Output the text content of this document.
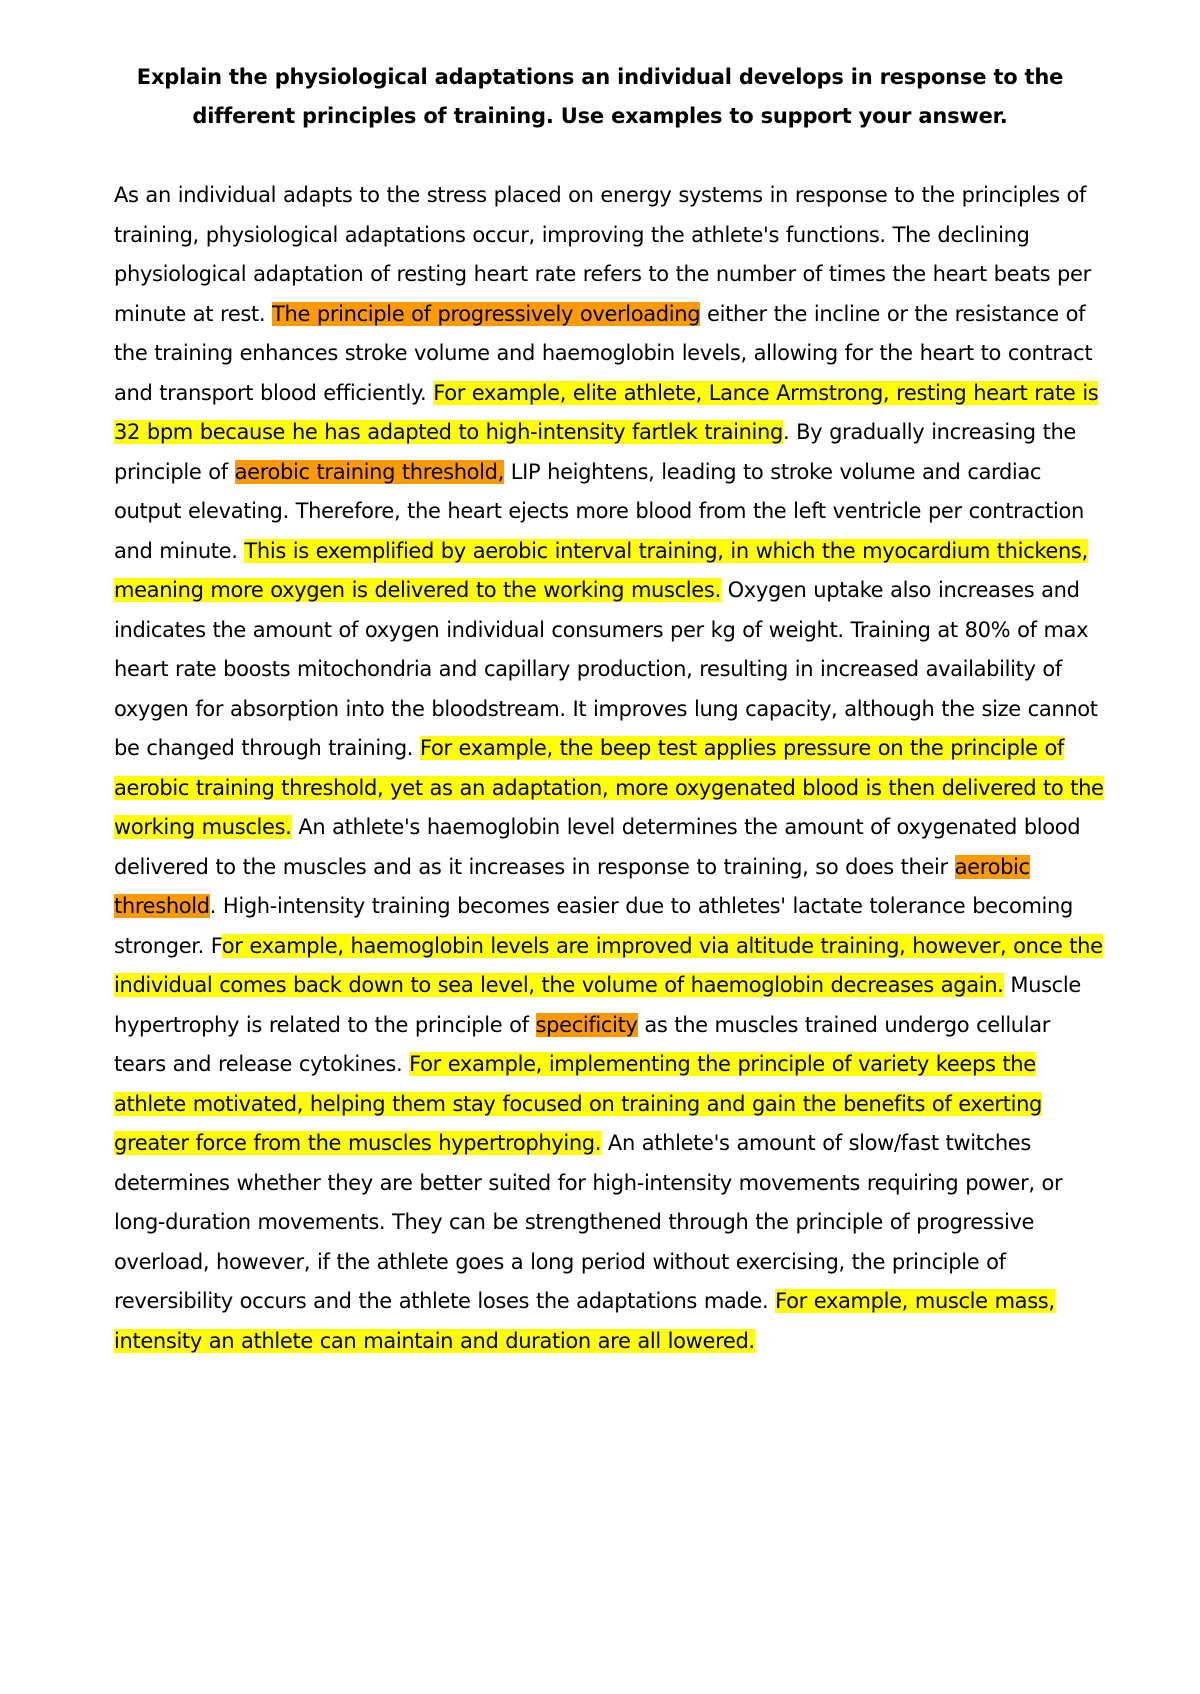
Explain the physiological adaptations an individual develops in response to the different principles of training. Use examples to support your answer.
As an individual adapts to the stress placed on energy systems in response to the principles of training, physiological adaptations occur, improving the athlete's functions. The declining physiological adaptation of resting heart rate refers to the number of times the heart beats per minute at rest. The principle of progressively overloading either the incline or the resistance of the training enhances stroke volume and haemoglobin levels, allowing for the heart to contract and transport blood efficiently. For example, elite athlete, Lance Armstrong, resting heart rate is 32 bpm because he has adapted to high-intensity fartlek training. By gradually increasing the principle of aerobic training threshold, LIP heightens, leading to stroke volume and cardiac output elevating. Therefore, the heart ejects more blood from the left ventricle per contraction and minute. This is exemplified by aerobic interval training, in which the myocardium thickens, meaning more oxygen is delivered to the working muscles. Oxygen uptake also increases and indicates the amount of oxygen individual consumers per kg of weight. Training at 80% of max heart rate boosts mitochondria and capillary production, resulting in increased availability of oxygen for absorption into the bloodstream. It improves lung capacity, although the size cannot be changed through training. For example, the beep test applies pressure on the principle of aerobic training threshold, yet as an adaptation, more oxygenated blood is then delivered to the working muscles. An athlete's haemoglobin level determines the amount of oxygenated blood delivered to the muscles and as it increases in response to training, so does their aerobic threshold. High-intensity training becomes easier due to athletes' lactate tolerance becoming stronger. For example, haemoglobin levels are improved via altitude training, however, once the individual comes back down to sea level, the volume of haemoglobin decreases again. Muscle hypertrophy is related to the principle of specificity as the muscles trained undergo cellular tears and release cytokines. For example, implementing the principle of variety keeps the athlete motivated, helping them stay focused on training and gain the benefits of exerting greater force from the muscles hypertrophying. An athlete's amount of slow/fast twitches determines whether they are better suited for high-intensity movements requiring power, or long-duration movements. They can be strengthened through the principle of progressive overload, however, if the athlete goes a long period without exercising, the principle of reversibility occurs and the athlete loses the adaptations made. For example, muscle mass, intensity an athlete can maintain and duration are all lowered.
